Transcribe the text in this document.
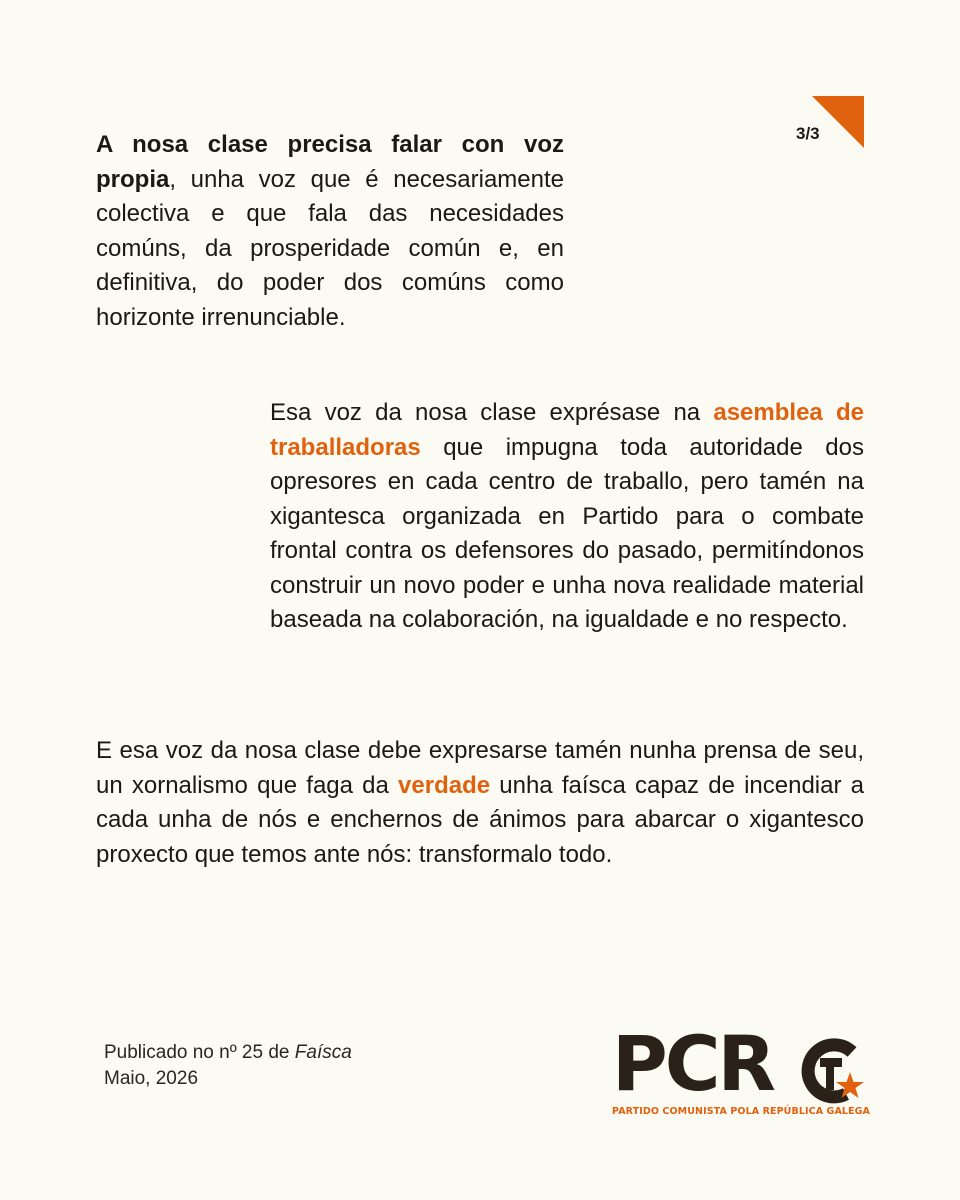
3/3

A nosa clase precisa falar con voz propia, unha voz que é necesariamente colectiva e que fala das necesidades comúns, da prosperidade común e, en definitiva, do poder dos comúns como horizonte irrenunciable.

Esa voz da nosa clase exprésase na asemblea de traballadoras que impugna toda autoridade dos opresores en cada centro de traballo, pero tamén na xigantesca organizada en Partido para o combate frontal contra os defensores do pasado, permitíndonos construir un novo poder e unha nova realidade material baseada na colaboración, na igualdade e no respecto.

E esa voz da nosa clase debe expresarse tamén nunha prensa de seu, un xornalismo que faga da verdade unha faísca capaz de incendiar a cada unha de nós e enchernos de ánimos para abarcar o xigantesco proxecto que temos ante nós: transformalo todo.

Publicado no nº 25 de Faísca
Maio, 2026	PCR
PARTIDO COMUNISTA POLA REPÚBLICA GALEGA
